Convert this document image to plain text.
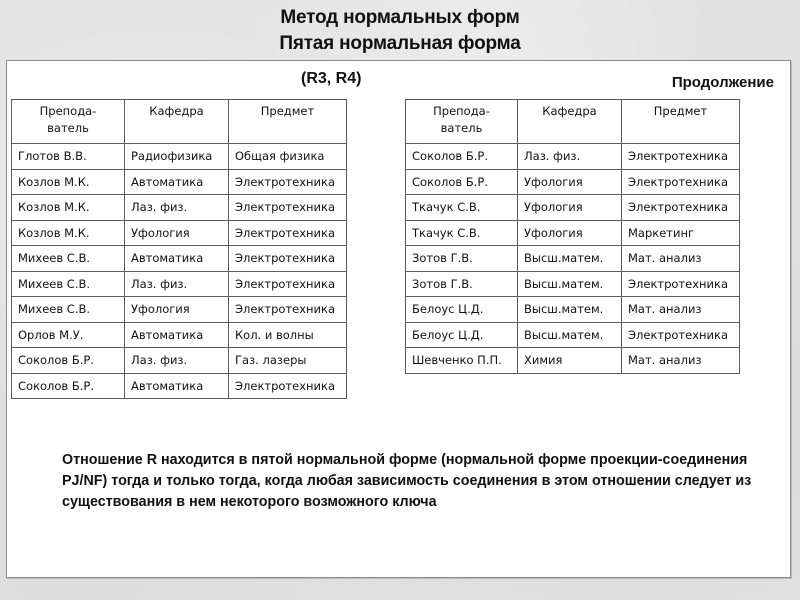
Метод нормальных форм
Пятая нормальная форма
(R3, R4)	Продолжение
Препода-
ватель	Кафедра	Предмет
Глотов В.В.	Радиофизика	Общая физика
Козлов М.К.	Автоматика	Электротехника
Козлов М.К.	Лаз. физ.	Электротехника
Козлов М.К.	Уфология	Электротехника
Михеев С.В.	Автоматика	Электротехника
Михеев С.В.	Лаз. физ.	Электротехника
Михеев С.В.	Уфология	Электротехника
Орлов М.У.	Автоматика	Кол. и волны
Соколов Б.Р.	Лаз. физ.	Газ. лазеры
Соколов Б.Р.	Автоматика	Электротехника
Препода-
ватель	Кафедра	Предмет
Соколов Б.Р.	Лаз. физ.	Электротехника
Соколов Б.Р.	Уфология	Электротехника
Ткачук С.В.	Уфология	Электротехника
Ткачук С.В.	Уфология	Маркетинг
Зотов Г.В.	Высш.матем.	Мат. анализ
Зотов Г.В.	Высш.матем.	Электротехника
Белоус Ц.Д.	Высш.матем.	Мат. анализ
Белоус Ц.Д.	Высш.матем.	Электротехника
Шевченко П.П.	Химия	Мат. анализ
Отношение R находится в пятой нормальной форме (нормальной форме проекции-соединения PJ/NF) тогда и только тогда, когда любая зависимость соединения в этом отношении следует из существования в нем некоторого возможного ключа
